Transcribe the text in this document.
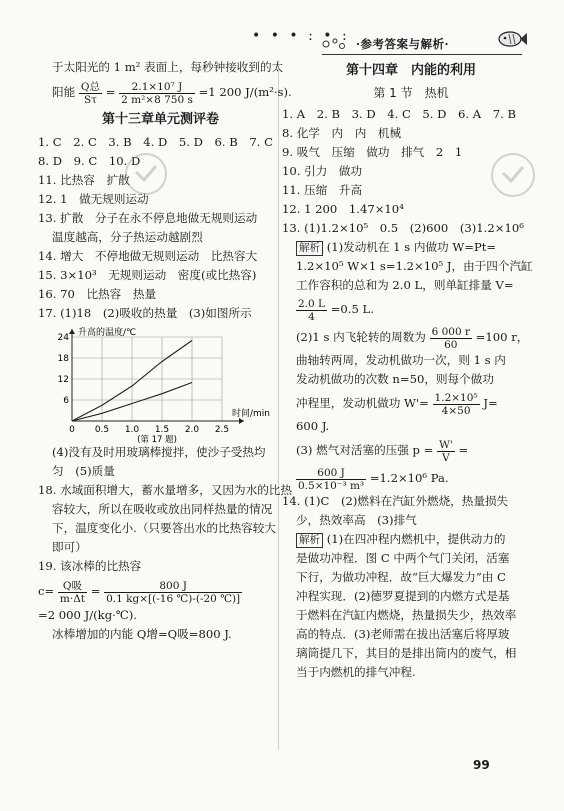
• • • : • : ·参考答案与解析·
于太阳光的 1 m² 表面上，每秒钟接收到的太
阳能 $\frac{\text{Q总}}{S\tau} = \frac{\text{2.1×10⁷ J}}{\text{2 m²×8 750 s}} =1$ 200 J/(m²·s).
第十三章单元测评卷
1. C　2. C　3. B　4. D　5. D　6. B　7. C
8. D　9. C　10. D
11. 比热容　扩散
12. 1　做无规则运动
13. 扩散　分子在永不停息地做无规则运动
温度越高，分子热运动越剧烈
14. 增大　不停地做无规则运动　比热容大
15. 3×10³　无规则运动　密度(或比热容)
16. 70　比热容　热量
17. (1)18　(2)吸收的热量　(3)如图所示
0 0.5 1.0 1.5 2.0 2.5
6
12
18
24 升高的温度/℃
时间/min
(第 17 题)
(4)没有及时用玻璃棒搅拌，使沙子受热均
匀　(5)质量
18. 水域面积增大，蓄水量增多，又因为水的比热
容较大，所以在吸收或放出同样热量的情况
下，温度变化小.（只要答出水的比热容较大
即可）
19. 该冰棒的比热容
$c= \frac{\text{Q吸}}{m\cdot\Delta t} = \frac{800 J}{0.1 kg\times[(-16 ℃)-(-20 ℃)]}$
=2 000 J/(kg·℃).
冰棒增加的内能 Q增=Q吸=800 J.
第十四章　内能的利用
第 1 节　热机
1. A　2. B　3. D　4. C　5. D　6. A　7. B
8. 化学　内　内　机械
9. 吸气　压缩　做功　排气　2　1
10. 引力　做功
11. 压缩　升高
12. 1 200　1.47×10⁴
13. (1)1.2×10⁵　0.5　(2)600　(3)1.2×10⁶
解析 (1)发动机在 1 s 内做功 W=Pt=
1.2×10⁵ W×1 s=1.2×10⁵ J，由于四个汽缸
工作容积的总和为 2.0 L，则单缸排量 V=
$\frac{2.0 L}{4} =0.5$ L.
(2)1 s 内飞轮转的周数为 $\frac{6 000 r}{60} =100$ r，
曲轴转两周，发动机做功一次，则 1 s 内
发动机做功的次数 n=50，则每个做功
冲程里，发动机做功 $W'= \frac{\text{1.2×10⁵}}{4\times 50} J=$
600 J.
(3) 燃气对活塞的压强 $p = \frac{W'}{V}$ =
$\frac{600 J}{\text{0.5×10⁻³ m³}} =1.2\times 10^6$ Pa.
14. (1)C　(2)燃料在汽缸外燃烧，热量损失
少，热效率高　(3)排气
解析 (1)在四冲程内燃机中，提供动力的
是做功冲程．图 C 中两个气门关闭，活塞
下行，为做功冲程．故“巨大爆发力”由 C
冲程实现．(2)德罗夏提到的内燃方式是基
于燃料在汽缸内燃烧，热量损失少，热效率
高的特点．(3)老师需在拔出活塞后将厚玻
璃筒提几下，其目的是排出筒内的废气，相
当于内燃机的排气冲程.
99
